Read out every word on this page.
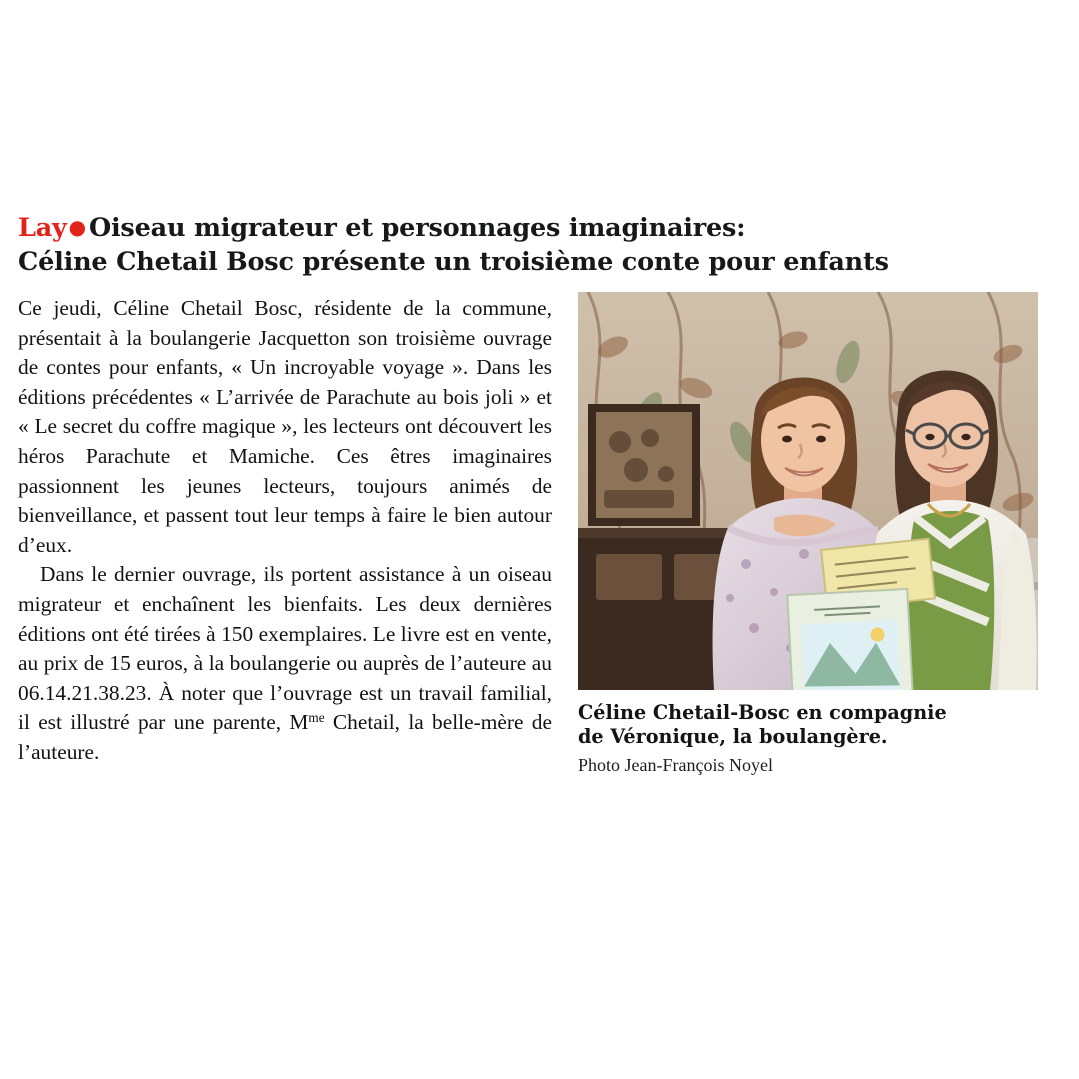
Lay ● Oiseau migrateur et personnages imaginaires:
Céline Chetail Bosc présente un troisième conte pour enfants

Ce jeudi, Céline Chetail Bosc, résidente de la commune, présentait à la boulangerie Jacquetton son troisième ouvrage de contes pour enfants, « Un incroyable voyage ». Dans les éditions précédentes « L’arrivée de Parachute au bois joli » et « Le secret du coffre magique », les lecteurs ont découvert les héros Parachute et Mamiche. Ces êtres imaginaires passionnent les jeunes lecteurs, toujours animés de bienveillance, et passent tout leur temps à faire le bien autour d’eux.

Dans le dernier ouvrage, ils portent assistance à un oiseau migrateur et enchaînent les bienfaits. Les deux dernières éditions ont été tirées à 150 exemplaires. Le livre est en vente, au prix de 15 euros, à la boulangerie ou auprès de l’auteure au 06.14.21.38.23. À noter que l’ouvrage est un travail familial, il est illustré par une parente, $M^{me}$ Chetail, la belle-mère de l’auteure.

Céline Chetail-Bosc en compagnie
de Véronique, la boulangère.
Photo Jean-François Noyel
